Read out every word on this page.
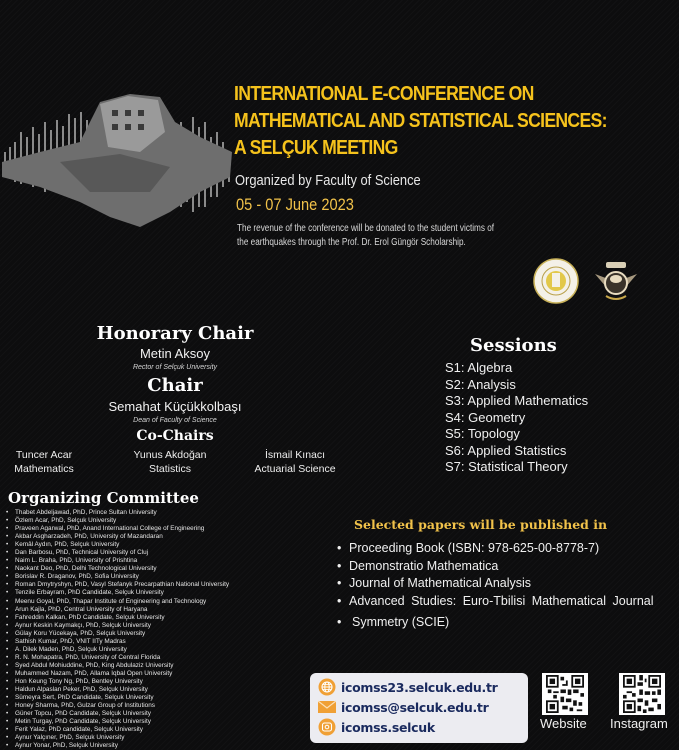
INTERNATIONAL E-CONFERENCE ON
MATHEMATICAL AND STATISTICAL SCIENCES:
A SELÇUK MEETING
Organized by Faculty of Science
05 - 07 June 2023
The revenue of the conference will be donated to the student victims of
the earthquakes through the Prof. Dr. Erol Güngör Scholarship.
Honorary Chair
Metin Aksoy
Rector of Selçuk University
Chair
Semahat Küçükkolbaşı
Dean of Faculty of Science
Co-Chairs
Tuncer Acar
Mathematics
Yunus Akdoğan
Statistics
İsmail Kınacı
Actuarial Science
Sessions
S1: Algebra
S2: Analysis
S3: Applied Mathematics
S4: Geometry
S5: Topology
S6: Applied Statistics
S7: Statistical Theory
Organizing Committee
• Thabet Abdeljawad, PhD, Prince Sultan University
• Özlem Acar, PhD, Selçuk University
• Praveen Agarwal, PhD, Anand International College of Engineering
• Akbar Asgharzadeh, PhD, University of Mazandaran
• Kemâl Aydın, PhD, Selçuk University
• Dan Barbosu, PhD, Technical University of Cluj
• Naim L. Braha, PhD, University of Prishtina
• Naokant Deo, PhD, Delhi Technological University
• Borislav R. Draganov, PhD, Sofia University
• Roman Dmytryshyn, PhD, Vasyl Stefanyk Precarpathian National University
• Tenzile Erbayram, PhD Candidate, Selçuk University
• Meenu Goyal, PhD, Thapar Institute of Engineering and Technology
• Arun Kajla, PhD, Central University of Haryana
• Fahreddin Kalkan, PhD Candidate, Selçuk University
• Aynur Keskin Kaymakçı, PhD, Selçuk University
• Gülay Koru Yücekaya, PhD, Selçuk University
• Sathish Kumar, PhD, VNIT IITy Madras
• A. Dilek Maden, PhD, Selçuk University
• R. N. Mohapatra, PhD, University of Central Florida
• Syed Abdul Mohiuddine, PhD, King Abdulaziz University
• Muhammed Nazam, PhD, Allama Iqbal Open University
• Hon Keung Tony Ng, PhD, Bentley University
• Haldun Alpaslan Peker, PhD, Selçuk University
• Sümeyra Sert, PhD Candidate, Selçuk University
• Honey Sharma, PhD, Gulzar Group of Institutions
• Güner Topcu, PhD Candidate, Selçuk University
• Metin Turgay, PhD Candidate, Selçuk University
• Ferit Yalaz, PhD candidate, Selçuk University
• Aynur Yalçıner, PhD, Selçuk University
• Aynur Yonar, PhD, Selçuk University
Selected papers will be published in
• Proceeding Book (ISBN: 978-625-00-8778-7)
• Demonstratio Mathematica
• Journal of Mathematical Analysis
• Advanced Studies: Euro-Tbilisi Mathematical Journal
• Symmetry (SCIE)
icomss23.selcuk.edu.tr
icomss@selcuk.edu.tr
icomss.selcuk	Website Instagram
